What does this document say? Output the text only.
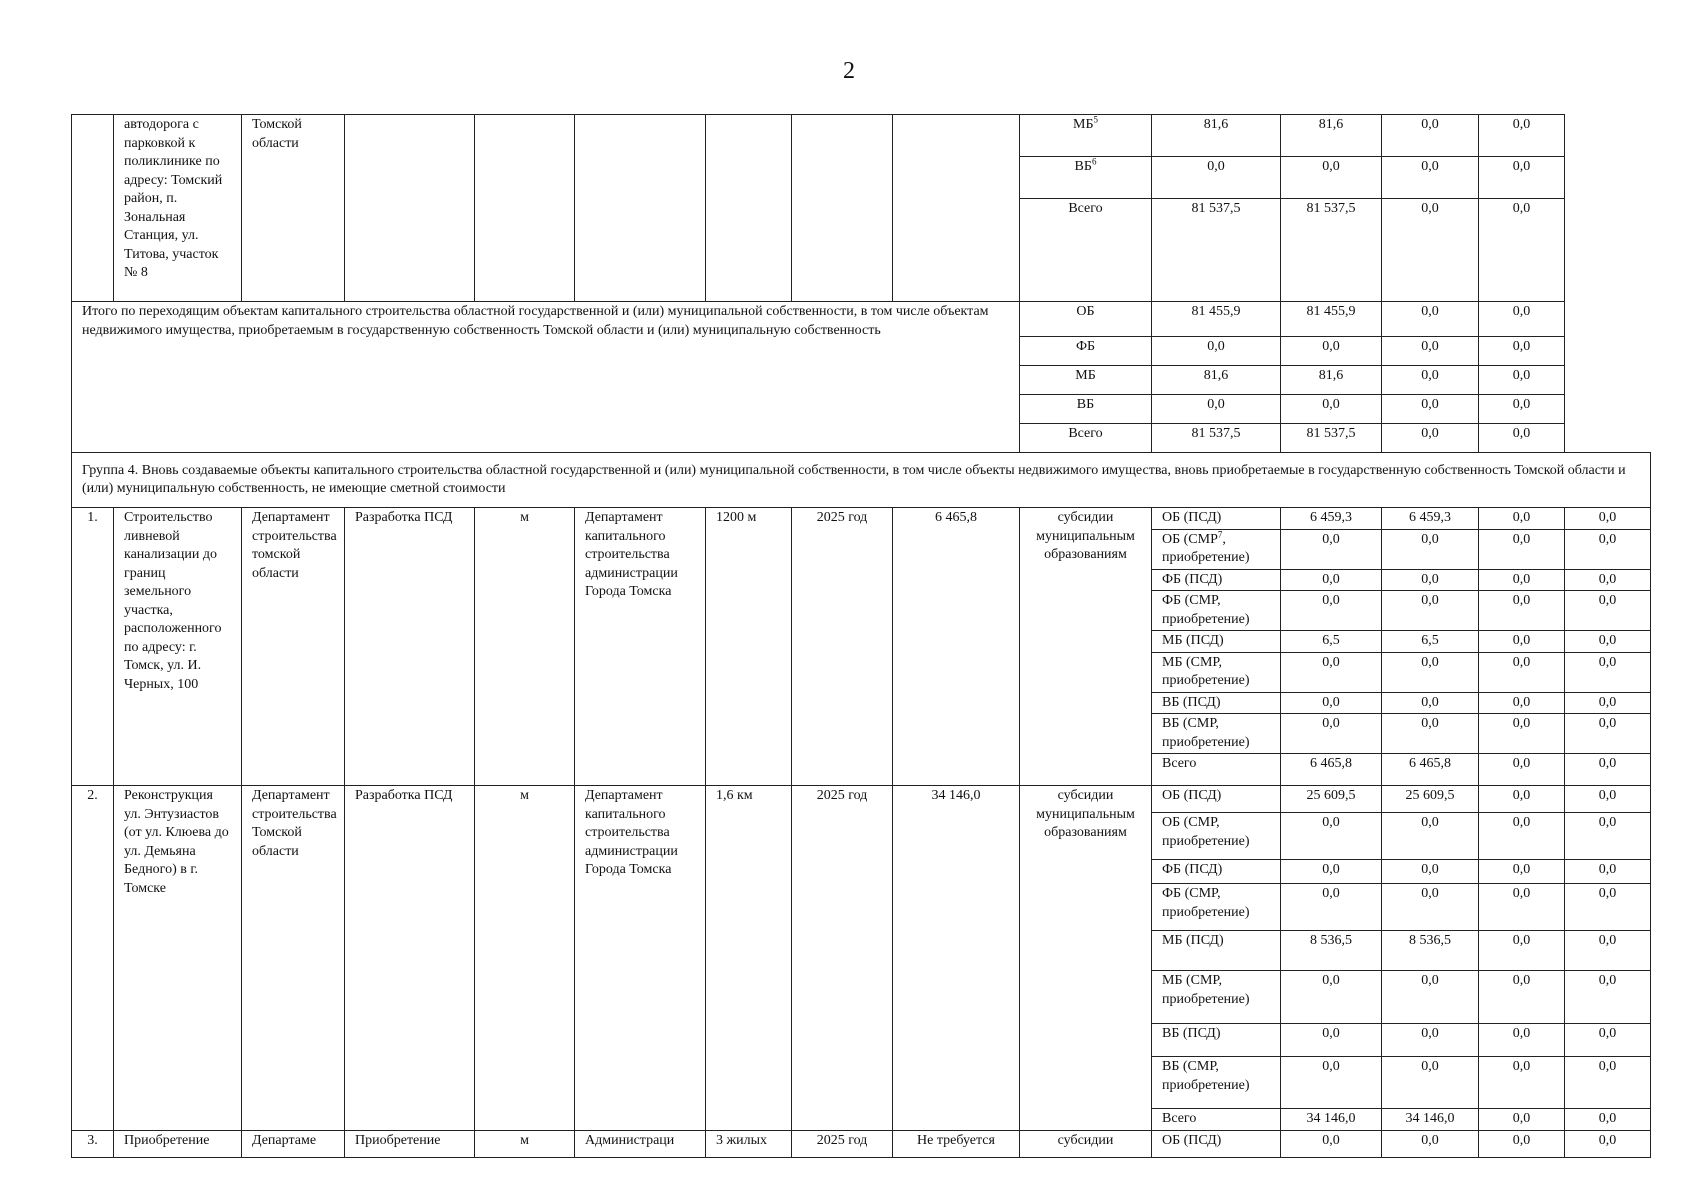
2
	автодорога с парковкой к поликлинике по адресу: Томский район, п. Зональная Станция, ул. Титова, участок № 8	Томской области							$МБ^5$	81,6	81,6	0,0	0,0	
									$ВБ^6$	0,0	0,0	0,0	0,0	
									Всего	81 537,5	81 537,5	0,0	0,0	
Итого по переходящим объектам капитального строительства областной государственной и (или) муниципальной собственности, в том числе объектам недвижимого имущества, приобретаемым в государственную собственность Томской области и (или) муниципальную собственность									ОБ	81 455,9	81 455,9	0,0	0,0	
									ФБ	0,0	0,0	0,0	0,0	
									МБ	81,6	81,6	0,0	0,0	
									ВБ	0,0	0,0	0,0	0,0	
									Всего	81 537,5	81 537,5	0,0	0,0	
Группа 4. Вновь создаваемые объекты капитального строительства областной государственной и (или) муниципальной собственности, в том числе объекты недвижимого имущества, вновь приобретаемые в государственную собственность Томской области и (или) муниципальную собственность, не имеющие сметной стоимости														
1.	Строительство ливневой канализации до границ земельного участка, расположенного по адресу: г. Томск, ул. И. Черных, 100	Департамент строительства томской области	Разработка ПСД	м	Департамент капитального строительства администрации Города Томска	1200 м	2025 год	6 465,8	субсидии муниципальным образованиям	ОБ (ПСД)	6 459,3	6 459,3	0,0	0,0
										ОБ (СМР$^7$, приобретение)	0,0	0,0	0,0	0,0
										ФБ (ПСД)	0,0	0,0	0,0	0,0
										ФБ (СМР, приобретение)	0,0	0,0	0,0	0,0
										МБ (ПСД)	6,5	6,5	0,0	0,0
										МБ (СМР, приобретение)	0,0	0,0	0,0	0,0
										ВБ (ПСД)	0,0	0,0	0,0	0,0
										ВБ (СМР, приобретение)	0,0	0,0	0,0	0,0
										Всего	6 465,8	6 465,8	0,0	0,0
2.	Реконструкция ул. Энтузиастов (от ул. Клюева до ул. Демьяна Бедного) в г. Томске	Департамент строительства Томской области	Разработка ПСД	м	Департамент капитального строительства администрации Города Томска	1,6 км	2025 год	34 146,0	субсидии муниципальным образованиям	ОБ (ПСД)	25 609,5	25 609,5	0,0	0,0
										ОБ (СМР, приобретение)	0,0	0,0	0,0	0,0
										ФБ (ПСД)	0,0	0,0	0,0	0,0
										ФБ (СМР, приобретение)	0,0	0,0	0,0	0,0
										МБ (ПСД)	8 536,5	8 536,5	0,0	0,0
										МБ (СМР, приобретение)	0,0	0,0	0,0	0,0
										ВБ (ПСД)	0,0	0,0	0,0	0,0
										ВБ (СМР, приобретение)	0,0	0,0	0,0	0,0
										Всего	34 146,0	34 146,0	0,0	0,0
3.	Приобретение	Департаме	Приобретение	м	Администраци	3 жилых	2025 год	Не требуется	субсидии	ОБ (ПСД)	0,0	0,0	0,0	0,0
